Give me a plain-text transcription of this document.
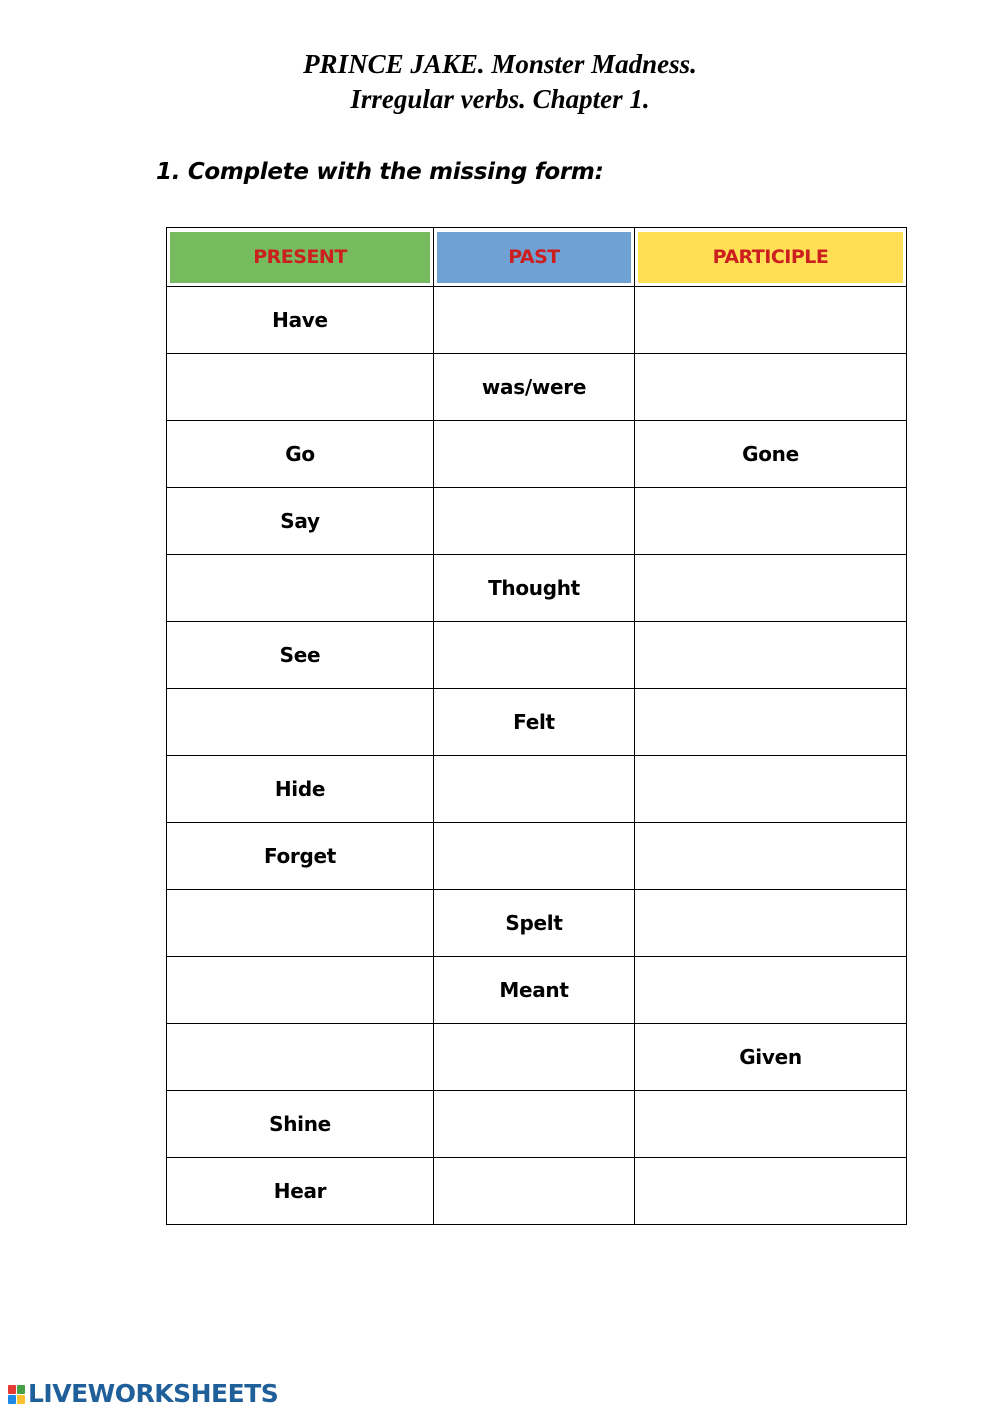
PRINCE JAKE. Monster Madness.
Irregular verbs. Chapter 1.
1. Complete with the missing form:
PRESENT	PAST	PARTICIPLE

Have		
	was/were	
Go		Gone
Say		
	Thought	
See		
	Felt	
Hide		
Forget		
	Spelt	
	Meant	
		Given
Shine		
Hear		
LIVEWORKSHEETS
